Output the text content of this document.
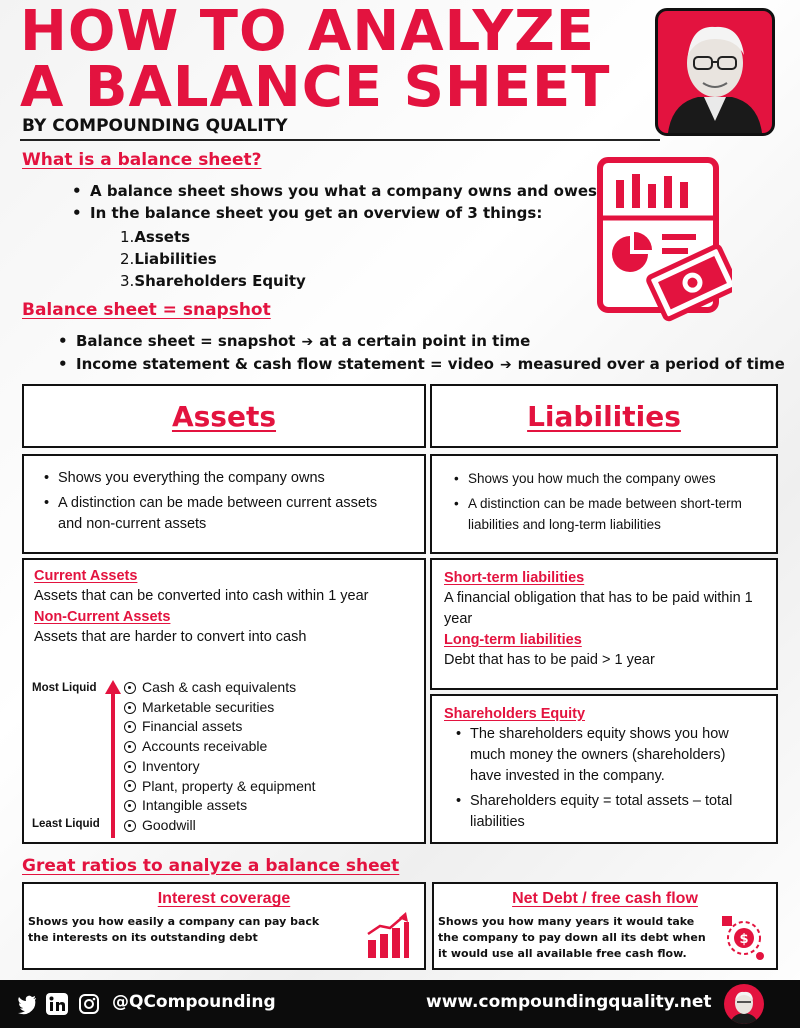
HOW TO ANALYZE
A BALANCE SHEET
BY COMPOUNDING QUALITY
What is a balance sheet?
• A balance sheet shows you what a company owns and owes
• In the balance sheet you get an overview of 3 things:
1.Assets
2.Liabilities
3.Shareholders Equity
Balance sheet = snapshot
• Balance sheet = snapshot ➔ at a certain point in time
• Income statement & cash flow statement = video ➔ measured over a period of time
Assets	Liabilities
• Shows you everything the company owns
• A distinction can be made between current assets and non-current assets
• Shows you how much the company owes
• A distinction can be made between short-term liabilities and long-term liabilities
Current Assets
Assets that can be converted into cash within 1 year
Non-Current Assets
Assets that are harder to convert into cash
Most Liquid
Least Liquid
Cash & cash equivalents
Marketable securities
Financial assets
Accounts receivable
Inventory
Plant, property & equipment
Intangible assets
Goodwill
Short-term liabilities
A financial obligation that has to be paid within 1 year
Long-term liabilities
Debt that has to be paid > 1 year
Shareholders Equity
• The shareholders equity shows you how much money the owners (shareholders) have invested in the company.
• Shareholders equity = total assets – total liabilities
Great ratios to analyze a balance sheet
Interest coverage
Shows you how easily a company can pay back the interests on its outstanding debt
Net Debt / free cash flow
Shows you how many years it would take the company to pay down all its debt when it would use all available free cash flow.
$
@QCompounding	www.compoundingquality.net
